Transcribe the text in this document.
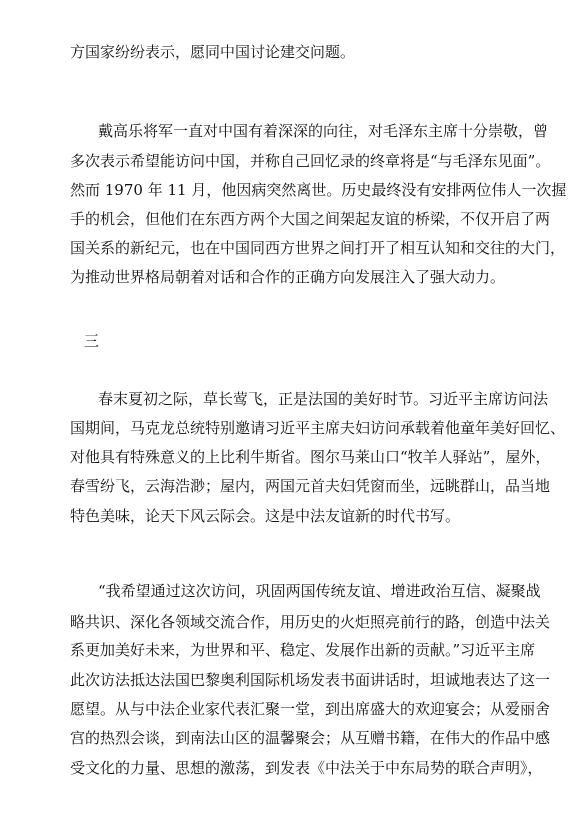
方国家纷纷表示，愿同中国讨论建交问题。
戴高乐将军一直对中国有着深深的向往，对毛泽东主席十分崇敬，曾
多次表示希望能访问中国，并称自己回忆录的终章将是“与毛泽东见面”。
然而 1970 年 11 月，他因病突然离世。历史最终没有安排两位伟人一次握
手的机会，但他们在东西方两个大国之间架起友谊的桥梁，不仅开启了两
国关系的新纪元，也在中国同西方世界之间打开了相互认知和交往的大门，
为推动世界格局朝着对话和合作的正确方向发展注入了强大动力。
三
春末夏初之际，草长莺飞，正是法国的美好时节。习近平主席访问法
国期间，马克龙总统特别邀请习近平主席夫妇访问承载着他童年美好回忆、
对他具有特殊意义的上比利牛斯省。图尔马莱山口“牧羊人驿站”，屋外，
春雪纷飞，云海浩渺；屋内，两国元首夫妇凭窗而坐，远眺群山，品当地
特色美味，论天下风云际会。这是中法友谊新的时代书写。
“我希望通过这次访问，巩固两国传统友谊、增进政治互信、凝聚战
略共识、深化各领域交流合作，用历史的火炬照亮前行的路，创造中法关
系更加美好未来，为世界和平、稳定、发展作出新的贡献。”习近平主席
此次访法抵达法国巴黎奥利国际机场发表书面讲话时，坦诚地表达了这一
愿望。从与中法企业家代表汇聚一堂，到出席盛大的欢迎宴会；从爱丽舍
宫的热烈会谈，到南法山区的温馨聚会；从互赠书籍，在伟大的作品中感
受文化的力量、思想的激荡，到发表《中法关于中东局势的联合声明》，
